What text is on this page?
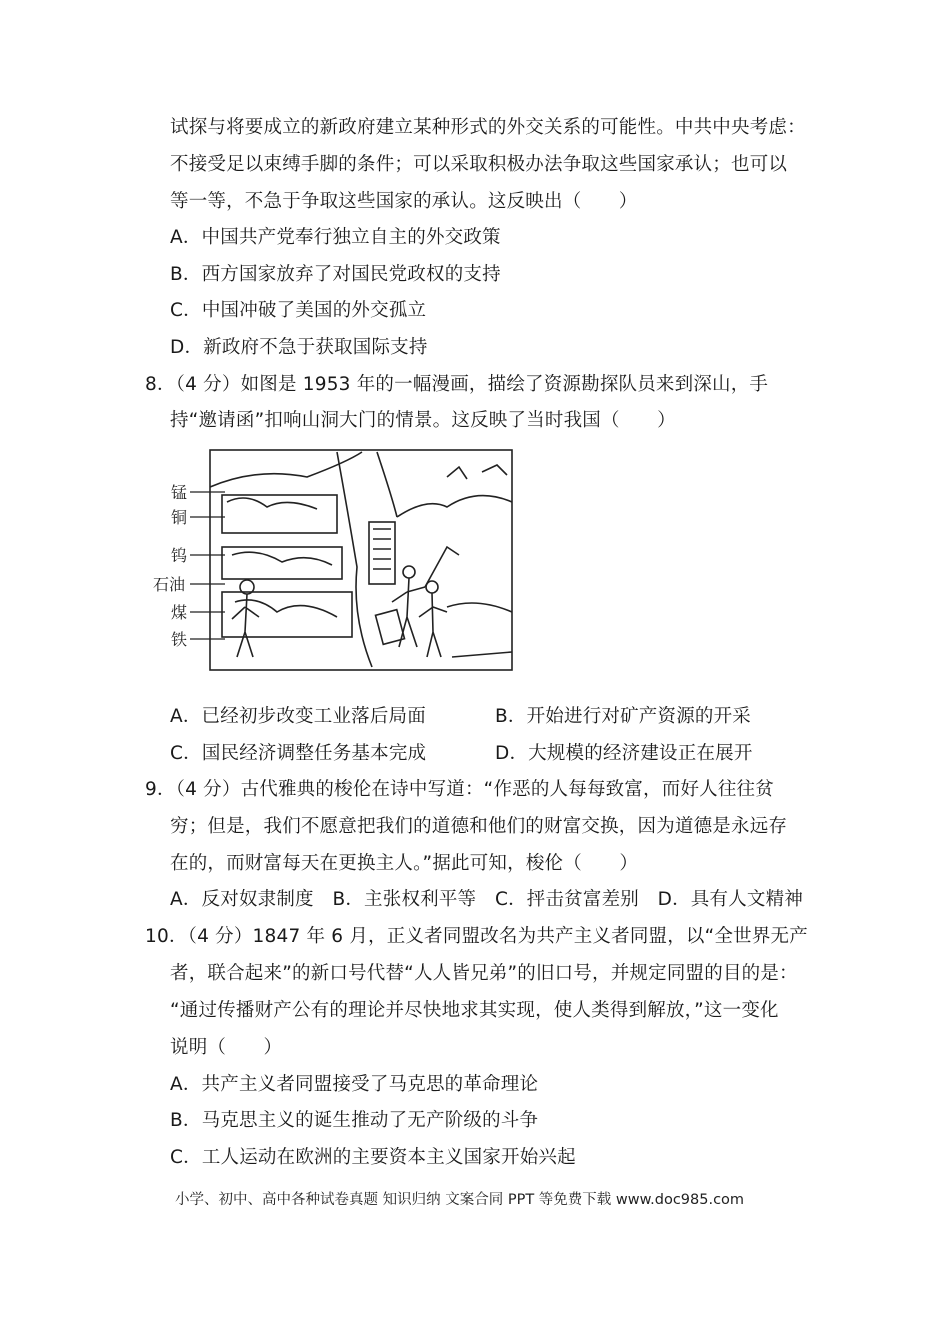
试探与将要成立的新政府建立某种形式的外交关系的可能性。中共中央考虑：
不接受足以束缚手脚的条件；可以采取积极办法争取这些国家承认；也可以
等一等，不急于争取这些国家的承认。这反映出（　　）
A．中国共产党奉行独立自主的外交政策
B．西方国家放弃了对国民党政权的支持
C．中国冲破了美国的外交孤立
D．新政府不急于获取国际支持
8．（4 分）如图是 1953 年的一幅漫画，描绘了资源勘探队员来到深山，手
持“邀请函”扣响山洞大门的情景。这反映了当时我国（　　）
锰
铜
钨
石油
煤
铁
A．已经初步改变工业落后局面	B．开始进行对矿产资源的开采
C．国民经济调整任务基本完成	D．大规模的经济建设正在展开
9．（4 分）古代雅典的梭伦在诗中写道：“作恶的人每每致富，而好人往往贫
穷；但是，我们不愿意把我们的道德和他们的财富交换，因为道德是永远存
在的，而财富每天在更换主人。”据此可知，梭伦（　　）
A．反对奴隶制度　B．主张权利平等　C．抨击贫富差别　D．具有人文精神
10．（4 分）1847 年 6 月，正义者同盟改名为共产主义者同盟，以“全世界无产
者，联合起来”的新口号代替“人人皆兄弟”的旧口号，并规定同盟的目的是：
“通过传播财产公有的理论并尽快地求其实现，使人类得到解放，”这一变化
说明（　　）
A．共产主义者同盟接受了马克思的革命理论
B．马克思主义的诞生推动了无产阶级的斗争
C．工人运动在欧洲的主要资本主义国家开始兴起
小学、初中、高中各种试卷真题 知识归纳 文案合同 PPT 等免费下载 www.doc985.com
